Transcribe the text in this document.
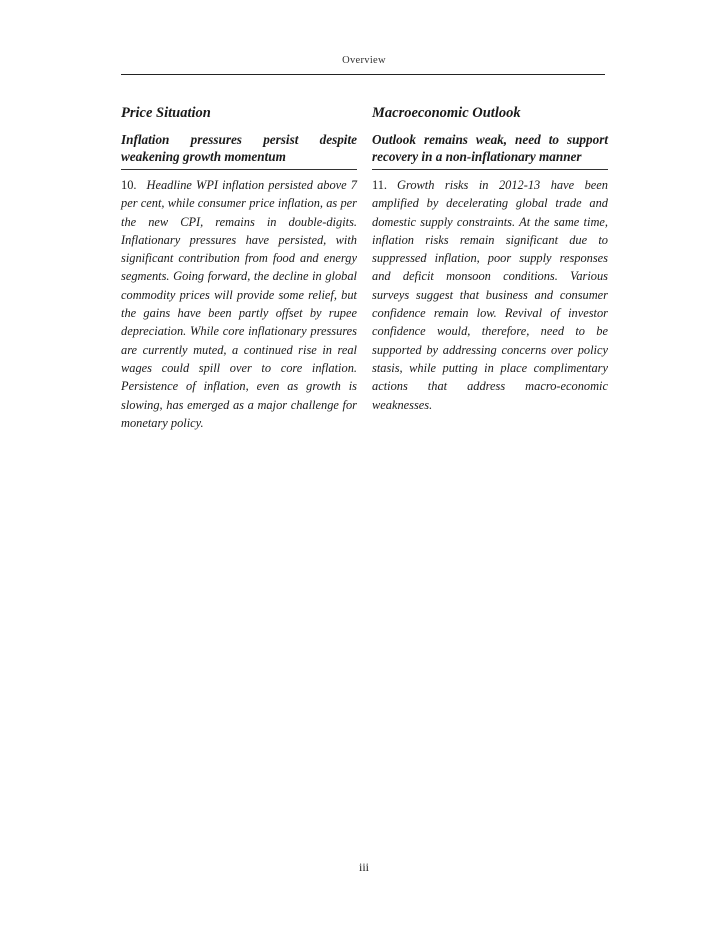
Overview
Price Situation
Inflation pressures persist despite weakening growth momentum

10. Headline WPI inflation persisted above 7 per cent, while consumer price inflation, as per the new CPI, remains in double-digits. Inflationary pressures have persisted, with significant contribution from food and energy segments. Going forward, the decline in global commodity prices will provide some relief, but the gains have been partly offset by rupee depreciation. While core inflationary pressures are currently muted, a continued rise in real wages could spill over to core inflation. Persistence of inflation, even as growth is slowing, has emerged as a major challenge for monetary policy.

Macroeconomic Outlook
Outlook remains weak, need to support recovery in a non-inflationary manner

11. Growth risks in 2012-13 have been amplified by decelerating global trade and domestic supply constraints. At the same time, inflation risks remain significant due to suppressed inflation, poor supply responses and deficit monsoon conditions. Various surveys suggest that business and consumer confidence remain low. Revival of investor confidence would, therefore, need to be supported by addressing concerns over policy stasis, while putting in place complimentary actions that address macro-economic weaknesses.

iii
